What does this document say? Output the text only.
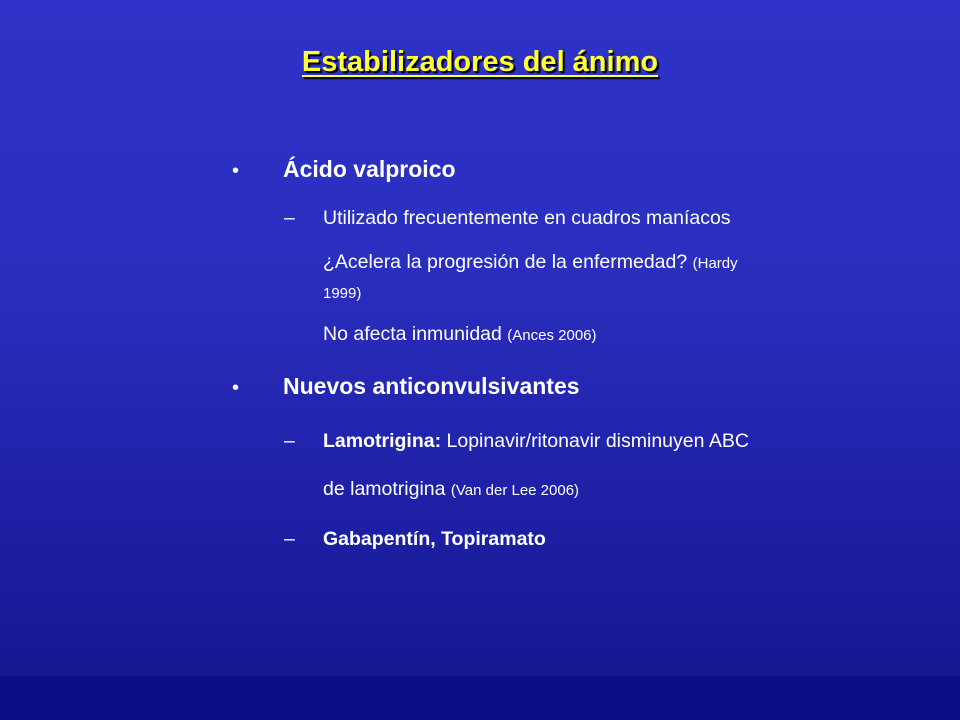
Estabilizadores del ánimo
• Ácido valproico
– Utilizado frecuentemente en cuadros maníacos
¿Acelera la progresión de la enfermedad? (Hardy
1999)
No afecta inmunidad (Ances 2006)
• Nuevos anticonvulsivantes
– Lamotrigina: Lopinavir/ritonavir disminuyen ABC
de lamotrigina (Van der Lee 2006)
– Gabapentín, Topiramato
